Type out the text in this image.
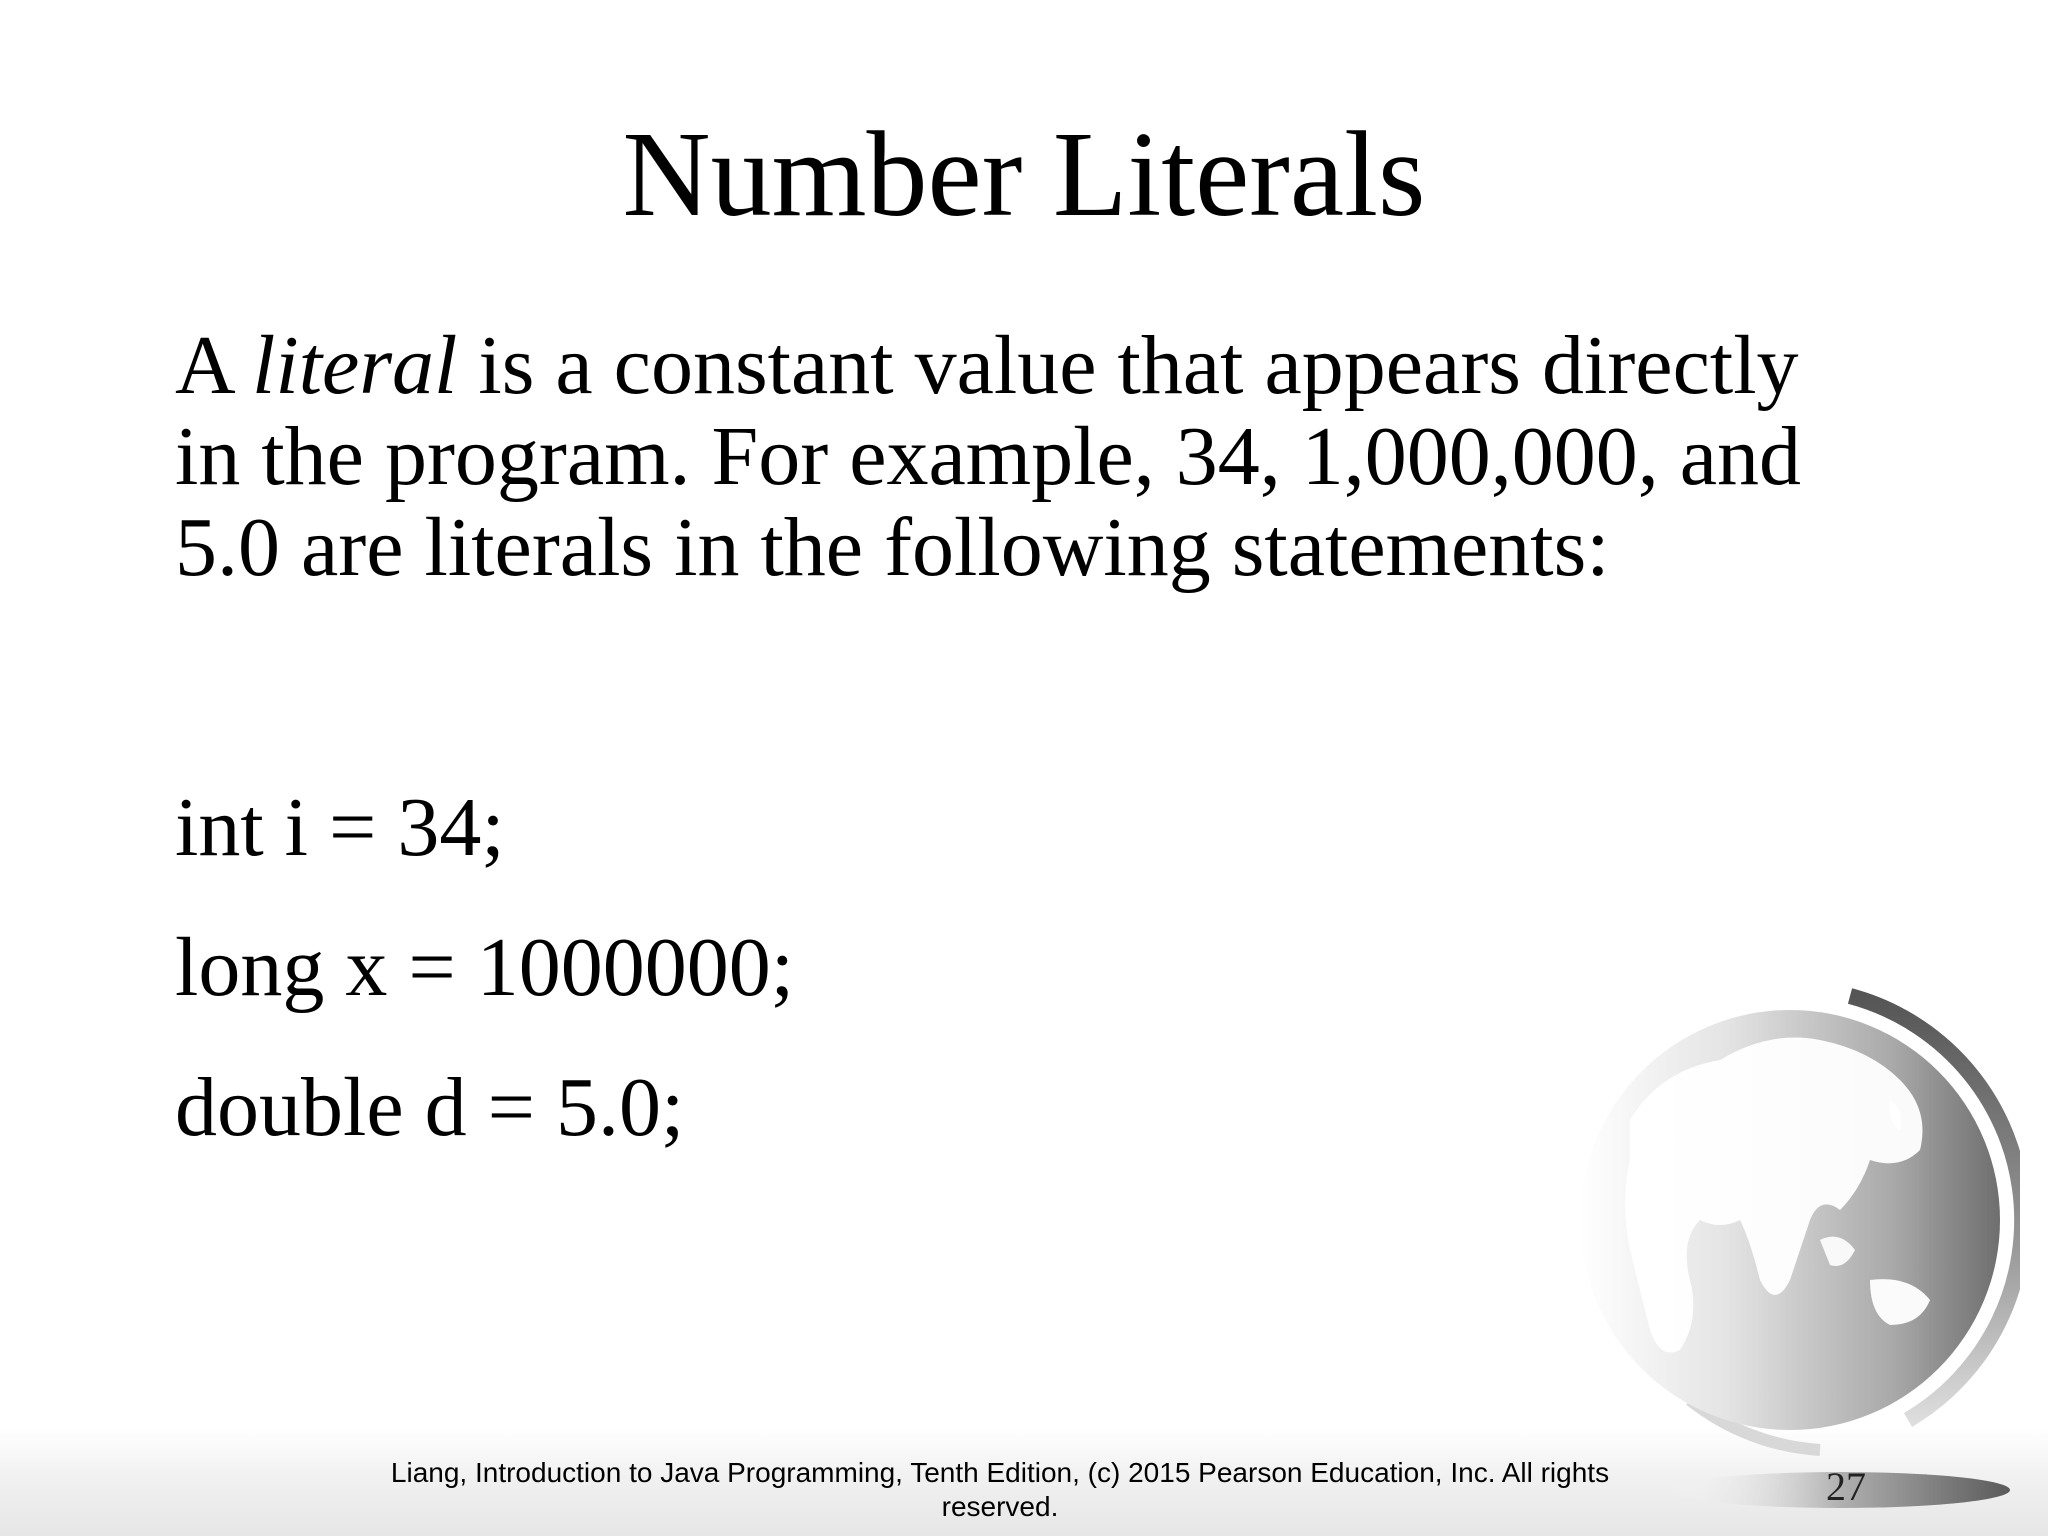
Number Literals

A literal is a constant value that appears directly in the program. For example, 34, 1,000,000, and 5.0 are literals in the following statements:

int i = 34;
long x = 1000000;
double d = 5.0;
Liang, Introduction to Java Programming, Tenth Edition, (c) 2015 Pearson Education, Inc. All rights reserved.	27
